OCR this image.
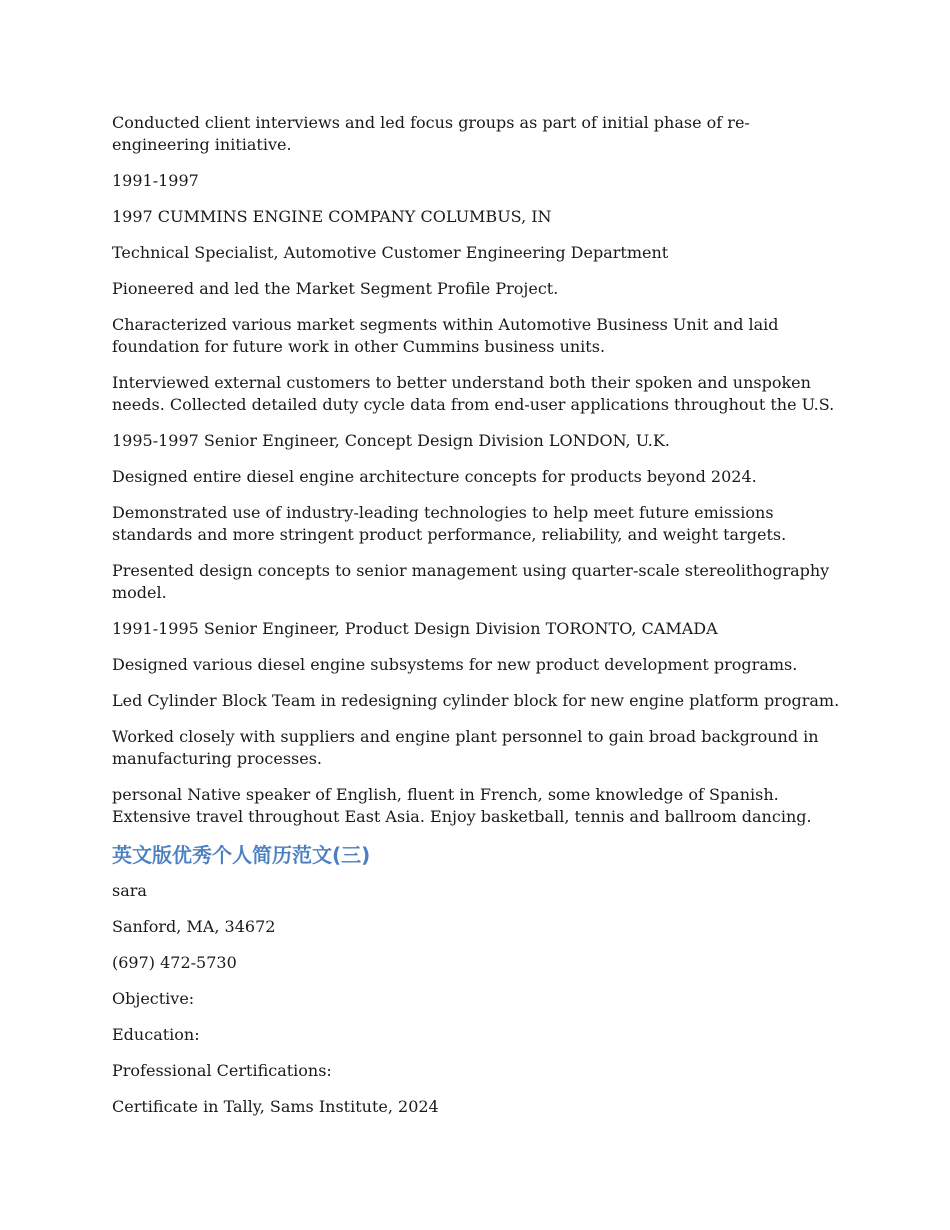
Conducted client interviews and led focus groups as part of initial phase of re-engineering initiative.

1991-1997

1997 CUMMINS ENGINE COMPANY COLUMBUS, IN

Technical Specialist, Automotive Customer Engineering Department

Pioneered and led the Market Segment Profile Project.

Characterized various market segments within Automotive Business Unit and laid foundation for future work in other Cummins business units.

Interviewed external customers to better understand both their spoken and unspoken needs. Collected detailed duty cycle data from end-user applications throughout the U.S.

1995-1997 Senior Engineer, Concept Design Division LONDON, U.K.

Designed entire diesel engine architecture concepts for products beyond 2024.

Demonstrated use of industry-leading technologies to help meet future emissions standards and more stringent product performance, reliability, and weight targets.

Presented design concepts to senior management using quarter-scale stereolithography model.

1991-1995 Senior Engineer, Product Design Division TORONTO, CAMADA

Designed various diesel engine subsystems for new product development programs.

Led Cylinder Block Team in redesigning cylinder block for new engine platform program.

Worked closely with suppliers and engine plant personnel to gain broad background in manufacturing processes.

personal Native speaker of English, fluent in French, some knowledge of Spanish. Extensive travel throughout East Asia. Enjoy basketball, tennis and ballroom dancing.

英文版优秀个人简历范文(三)

sara

Sanford, MA, 34672

(697) 472-5730

Objective:

Education:

Professional Certifications:

Certificate in Tally, Sams Institute, 2024
